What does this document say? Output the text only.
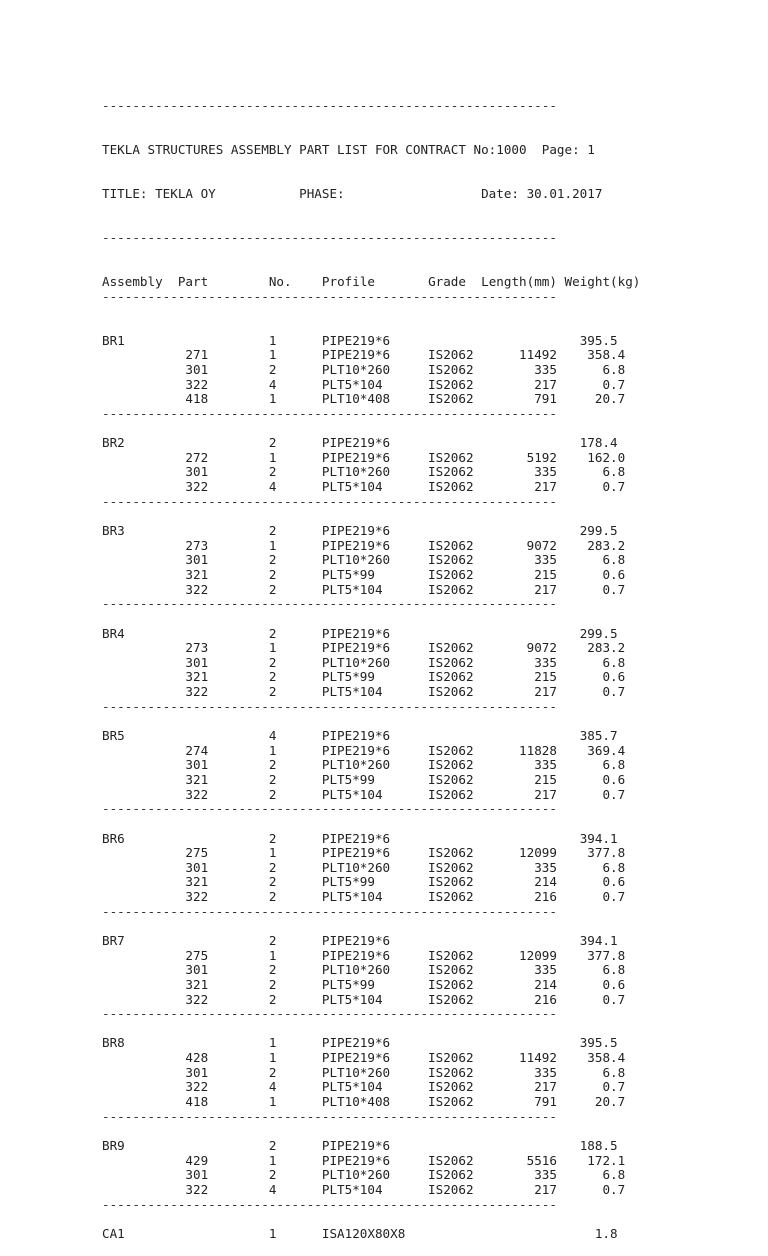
------------------------------------------------------------

TEKLA STRUCTURES ASSEMBLY PART LIST FOR CONTRACT No:1000  Page: 1

TITLE: TEKLA OY           PHASE:                  Date: 30.01.2017

------------------------------------------------------------

Assembly  Part        No.    Profile       Grade  Length(mm) Weight(kg)
------------------------------------------------------------

BR1                   1      PIPE219*6                         395.5
271        1      PIPE219*6     IS2062      11492    358.4
301        2      PLT10*260     IS2062        335      6.8
322        4      PLT5*104      IS2062        217      0.7
418        1      PLT10*408     IS2062        791     20.7
------------------------------------------------------------

BR2                   2      PIPE219*6                         178.4
272        1      PIPE219*6     IS2062       5192    162.0
301        2      PLT10*260     IS2062        335      6.8
322        4      PLT5*104      IS2062        217      0.7
------------------------------------------------------------

BR3                   2      PIPE219*6                         299.5
273        1      PIPE219*6     IS2062       9072    283.2
301        2      PLT10*260     IS2062        335      6.8
321        2      PLT5*99       IS2062        215      0.6
322        2      PLT5*104      IS2062        217      0.7
------------------------------------------------------------

BR4                   2      PIPE219*6                         299.5
273        1      PIPE219*6     IS2062       9072    283.2
301        2      PLT10*260     IS2062        335      6.8
321        2      PLT5*99       IS2062        215      0.6
322        2      PLT5*104      IS2062        217      0.7
------------------------------------------------------------

BR5                   4      PIPE219*6                         385.7
274        1      PIPE219*6     IS2062      11828    369.4
301        2      PLT10*260     IS2062        335      6.8
321        2      PLT5*99       IS2062        215      0.6
322        2      PLT5*104      IS2062        217      0.7
------------------------------------------------------------

BR6                   2      PIPE219*6                         394.1
275        1      PIPE219*6     IS2062      12099    377.8
301        2      PLT10*260     IS2062        335      6.8
321        2      PLT5*99       IS2062        214      0.6
322        2      PLT5*104      IS2062        216      0.7
------------------------------------------------------------

BR7                   2      PIPE219*6                         394.1
275        1      PIPE219*6     IS2062      12099    377.8
301        2      PLT10*260     IS2062        335      6.8
321        2      PLT5*99       IS2062        214      0.6
322        2      PLT5*104      IS2062        216      0.7
------------------------------------------------------------

BR8                   1      PIPE219*6                         395.5
428        1      PIPE219*6     IS2062      11492    358.4
301        2      PLT10*260     IS2062        335      6.8
322        4      PLT5*104      IS2062        217      0.7
418        1      PLT10*408     IS2062        791     20.7
------------------------------------------------------------

BR9                   2      PIPE219*6                         188.5
429        1      PIPE219*6     IS2062       5516    172.1
301        2      PLT10*260     IS2062        335      6.8
322        4      PLT5*104      IS2062        217      0.7
------------------------------------------------------------

CA1                   1      ISA120X80X8                         1.8
